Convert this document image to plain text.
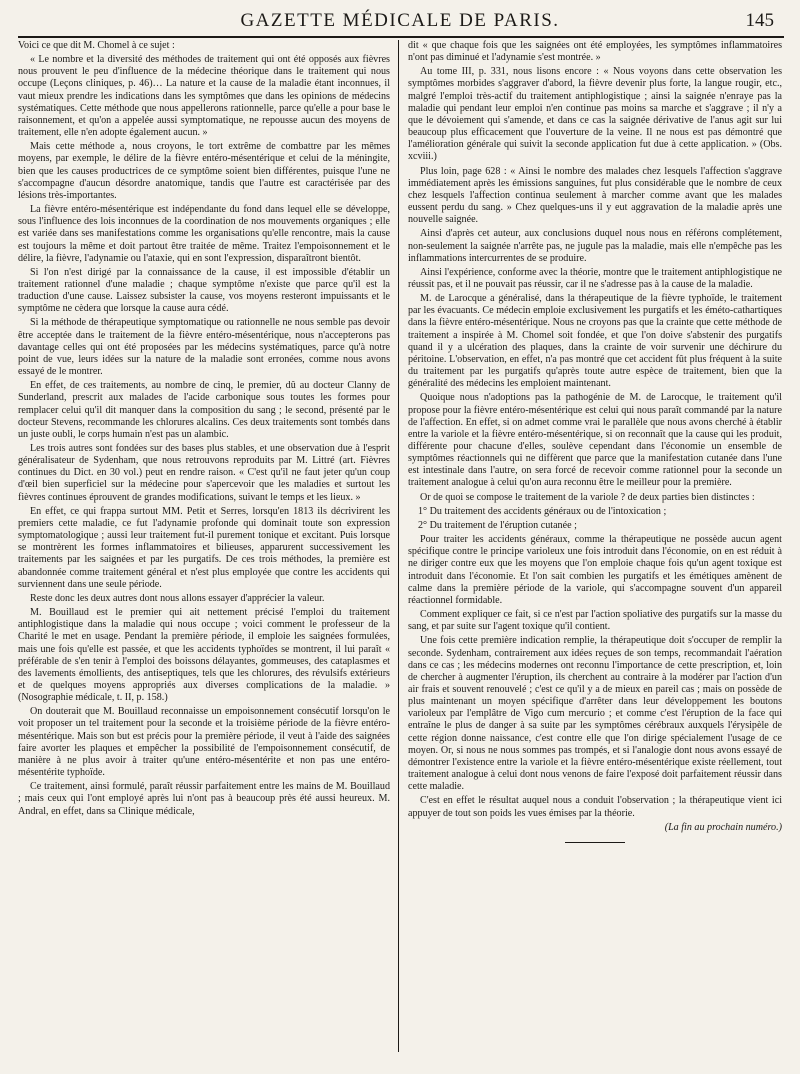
GAZETTE MÉDICALE DE PARIS.	145

Voici ce que dit M. Chomel à ce sujet :

« Le nombre et la diversité des méthodes de traitement qui ont été opposés aux fièvres nous prouvent le peu d'influence de la médecine théorique dans le traitement qui nous occupe (Leçons cliniques, p. 46)… La nature et la cause de la maladie étant inconnues, il vaut mieux prendre les indications dans les symptômes que dans les opinions de médecins systématiques. Cette méthode que nous appellerons rationnelle, parce qu'elle a pour base le raisonnement, et qu'on a appelée aussi symptomatique, ne repousse aucun des moyens de traitement, elle n'en adopte également aucun. »

Mais cette méthode a, nous croyons, le tort extrême de combattre par les mêmes moyens, par exemple, le délire de la fièvre entéro-mésentérique et celui de la méningite, bien que les causes productrices de ce symptôme soient bien différentes, puisque l'une ne s'accompagne d'aucun désordre anatomique, tandis que l'autre est caractérisée par des lésions très-importantes.

La fièvre entéro-mésentérique est indépendante du fond dans lequel elle se développe, sous l'influence des lois inconnues de la coordination de nos mouvements organiques ; elle est variée dans ses manifestations comme les organisations qu'elle rencontre, mais la cause est toujours la même et doit partout être traitée de même. Traitez l'empoisonnement et le délire, la fièvre, l'adynamie ou l'ataxie, qui en sont l'expression, disparaîtront bientôt.

Si l'on n'est dirigé par la connaissance de la cause, il est impossible d'établir un traitement rationnel d'une maladie ; chaque symptôme n'existe que parce qu'il est la traduction d'une cause. Laissez subsister la cause, vos moyens resteront impuissants et le symptôme ne cèdera que lorsque la cause aura cédé.

Si la méthode de thérapeutique symptomatique ou rationnelle ne nous semble pas devoir être acceptée dans le traitement de la fièvre entéro-mésentérique, nous n'accepterons pas davantage celles qui ont été proposées par les médecins systématiques, parce qu'à notre point de vue, leurs idées sur la nature de la maladie sont erronées, comme nous avons essayé de le montrer.

En effet, de ces traitements, au nombre de cinq, le premier, dû au docteur Clanny de Sunderland, prescrit aux malades de l'acide carbonique sous toutes les formes pour remplacer celui qu'il dit manquer dans la composition du sang ; le second, présenté par le docteur Stevens, recommande les chlorures alcalins. Ces deux traitements sont tombés dans un juste oubli, le corps humain n'est pas un alambic.

Les trois autres sont fondées sur des bases plus stables, et une observation due à l'esprit généralisateur de Sydenham, que nous retrouvons reproduits par M. Littré (art. Fièvres continues du Dict. en 30 vol.) peut en rendre raison. « C'est qu'il ne faut jeter qu'un coup d'œil bien superficiel sur la médecine pour s'apercevoir que les maladies et surtout les fièvres continues éprouvent de grandes modifications, suivant le temps et les lieux. »

En effet, ce qui frappa surtout MM. Petit et Serres, lorsqu'en 1813 ils décrivirent les premiers cette maladie, ce fut l'adynamie profonde qui dominait toute son expression symptomatologique ; aussi leur traitement fut-il purement tonique et excitant. Puis lorsque se montrèrent les formes inflammatoires et bilieuses, apparurent successivement les traitements par les saignées et par les purgatifs. De ces trois méthodes, la première est abandonnée comme traitement général et n'est plus employée que contre les accidents qui surviennent dans une seule période.

Reste donc les deux autres dont nous allons essayer d'apprécier la valeur.

M. Bouillaud est le premier qui ait nettement précisé l'emploi du traitement antiphlogistique dans la maladie qui nous occupe ; voici comment le professeur de la Charité le met en usage. Pendant la première période, il emploie les saignées formulées, mais une fois qu'elle est passée, et que les accidents typhoïdes se montrent, il lui paraît « préférable de s'en tenir à l'emploi des boissons délayantes, gommeuses, des cataplasmes et des lavements émollients, des antiseptiques, tels que les chlorures, des révulsifs extérieurs et de quelques moyens appropriés aux diverses complications de la maladie. » (Nosographie médicale, t. II, p. 158.)

On douterait que M. Bouillaud reconnaisse un empoisonnement consécutif lorsqu'on le voit proposer un tel traitement pour la seconde et la troisième période de la fièvre entéro-mésentérique. Mais son but est précis pour la première période, il veut à l'aide des saignées faire avorter les plaques et empêcher la possibilité de l'empoisonnement consécutif, de manière à ne plus avoir à traiter qu'une entéro-mésentérite et non pas une entéro-mésentérite typhoïde.

Ce traitement, ainsi formulé, paraît réussir parfaitement entre les mains de M. Bouillaud ; mais ceux qui l'ont employé après lui n'ont pas à beaucoup près été aussi heureux. M. Andral, en effet, dans sa Clinique médicale,

dit « que chaque fois que les saignées ont été employées, les symptômes inflammatoires n'ont pas diminué et l'adynamie s'est montrée. »

Au tome III, p. 331, nous lisons encore : « Nous voyons dans cette observation les symptômes morbides s'aggraver d'abord, la fièvre devenir plus forte, la langue rougir, etc., malgré l'emploi très-actif du traitement antiphlogistique ; ainsi la saignée n'enraye pas la maladie qui pendant leur emploi n'en continue pas moins sa marche et s'aggrave ; il n'y a que le dévoiement qui s'amende, et dans ce cas la saignée dérivative de l'anus agit sur lui beaucoup plus efficacement que l'ouverture de la veine. Il ne nous est pas démontré que l'amélioration générale qui suivit la seconde application fut due à cette application. » (Obs. xcviii.)

Plus loin, page 628 : « Ainsi le nombre des malades chez lesquels l'affection s'aggrave immédiatement après les émissions sanguines, fut plus considérable que le nombre de ceux chez lesquels l'affection continua seulement à marcher comme avant que les malades eussent perdu du sang. » Chez quelques-uns il y eut aggravation de la maladie après une nouvelle saignée.

Ainsi d'après cet auteur, aux conclusions duquel nous nous en référons complétement, non-seulement la saignée n'arrête pas, ne jugule pas la maladie, mais elle n'empêche pas les inflammations intercurrentes de se produire.

Ainsi l'expérience, conforme avec la théorie, montre que le traitement antiphlogistique ne réussit pas, et il ne pouvait pas réussir, car il ne s'adresse pas à la cause de la maladie.

M. de Larocque a généralisé, dans la thérapeutique de la fièvre typhoïde, le traitement par les évacuants. Ce médecin emploie exclusivement les purgatifs et les éméto-cathartiques dans la fièvre entéro-mésentérique. Nous ne croyons pas que la crainte que cette méthode de traitement a inspirée à M. Chomel soit fondée, et que l'on doive s'abstenir des purgatifs quand il y a ulcération des plaques, dans la crainte de voir survenir une déchirure du péritoine. L'observation, en effet, n'a pas montré que cet accident fût plus fréquent à la suite du traitement par les purgatifs qu'après toute autre espèce de traitement, bien que la généralité des médecins les emploient maintenant.

Quoique nous n'adoptions pas la pathogénie de M. de Larocque, le traitement qu'il propose pour la fièvre entéro-mésentérique est celui qui nous paraît commandé par la nature de l'affection. En effet, si on admet comme vrai le parallèle que nous avons cherché à établir entre la variole et la fièvre entéro-mésentérique, si on reconnaît que la cause qui les produit, différente pour chacune d'elles, soulève cependant dans l'économie un ensemble de symptômes réactionnels qui ne diffèrent que parce que la manifestation cutanée dans l'une est intestinale dans l'autre, on sera forcé de recevoir comme rationnel pour la seconde un traitement analogue à celui qu'on aura reconnu être le meilleur pour la première.

Or de quoi se compose le traitement de la variole ? de deux parties bien distinctes :

1° Du traitement des accidents généraux ou de l'intoxication ;

2° Du traitement de l'éruption cutanée ;

Pour traiter les accidents généraux, comme la thérapeutique ne possède aucun agent spécifique contre le principe varioleux une fois introduit dans l'économie, on en est réduit à ne diriger contre eux que les moyens que l'on emploie chaque fois qu'un agent toxique est introduit dans l'économie. Et l'on sait combien les purgatifs et les émétiques amènent de calme dans la première période de la variole, qui s'accompagne souvent d'un appareil réactionnel formidable.

Comment expliquer ce fait, si ce n'est par l'action spoliative des purgatifs sur la masse du sang, et par suite sur l'agent toxique qu'il contient.

Une fois cette première indication remplie, la thérapeutique doit s'occuper de remplir la seconde. Sydenham, contrairement aux idées reçues de son temps, recommandait l'aération dans ce cas ; les médecins modernes ont reconnu l'importance de cette prescription, et, loin de chercher à augmenter l'éruption, ils cherchent au contraire à la modérer par l'action d'un air frais et souvent renouvelé ; c'est ce qu'il y a de mieux en pareil cas ; mais on possède de plus maintenant un moyen spécifique d'arrêter dans leur développement les boutons varioleux par l'emplâtre de Vigo cum mercurio ; et comme c'est l'éruption de la face qui entraîne le plus de danger à sa suite par les symptômes cérébraux auxquels l'érysipèle de cette région donne naissance, c'est contre elle que l'on dirige spécialement l'usage de ce moyen. Or, si nous ne nous sommes pas trompés, et si l'analogie dont nous avons essayé de démontrer l'existence entre la variole et la fièvre entéro-mésentérique existe réellement, tout traitement analogue à celui dont nous venons de faire l'exposé doit parfaitement réussir dans cette maladie.

C'est en effet le résultat auquel nous a conduit l'observation ; la thérapeutique vient ici appuyer de tout son poids les vues émises par la théorie.

(La fin au prochain numéro.)
